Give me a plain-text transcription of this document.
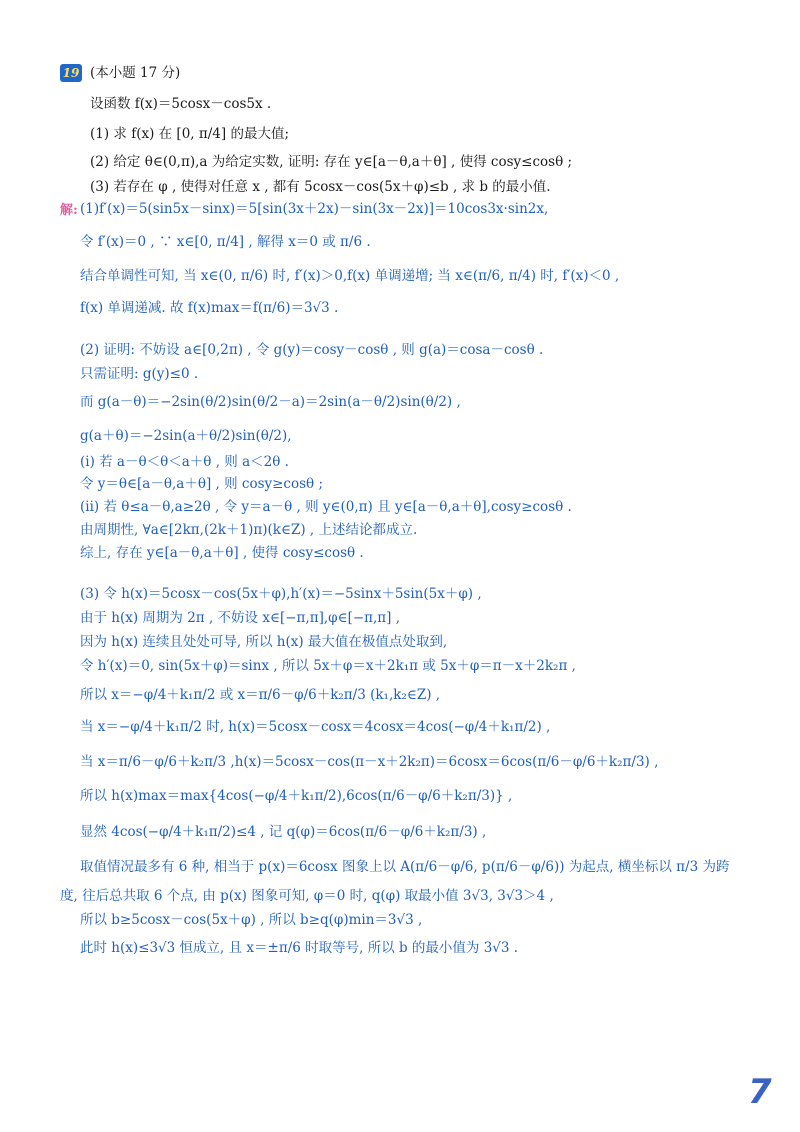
19 (本小题 17 分)
设函数 f(x)＝5cosx－cos5x .
(1) 求 f(x) 在 [0, π/4] 的最大值;
(2) 给定 θ∈(0,π),a 为给定实数, 证明: 存在 y∈[a－θ,a＋θ] , 使得 cosy≤cosθ ;
(3) 若存在 φ , 使得对任意 x , 都有 5cosx－cos(5x＋φ)≤b , 求 b 的最小值.
解: (1)f′(x)＝5(sin5x－sinx)＝5[sin(3x＋2x)－sin(3x－2x)]＝10cos3x·sin2x,
令 f′(x)＝0 , ∵ x∈[0, π/4] , 解得 x＝0 或 π/6 .
结合单调性可知, 当 x∈(0, π/6) 时, f′(x)＞0,f(x) 单调递增; 当 x∈(π/6, π/4) 时, f′(x)＜0 ,
f(x) 单调递减. 故 f(x)max＝f(π/6)＝3√3 .
(2) 证明: 不妨设 a∈[0,2π) , 令 g(y)＝cosy－cosθ , 则 g(a)＝cosa－cosθ .
只需证明: g(y)≤0 .
而 g(a－θ)＝−2sin(θ/2)sin(θ/2－a)＝2sin(a－θ/2)sin(θ/2) ,
g(a＋θ)＝−2sin(a＋θ/2)sin(θ/2),
(i) 若 a－θ＜θ＜a＋θ , 则 a＜2θ .
令 y＝θ∈[a－θ,a＋θ] , 则 cosy≥cosθ ;
(ii) 若 θ≤a－θ,a≥2θ , 令 y＝a－θ , 则 y∈(0,π) 且 y∈[a－θ,a＋θ],cosy≥cosθ .
由周期性, ∀a∈[2kπ,(2k＋1)π)(k∈Z) , 上述结论都成立.
综上, 存在 y∈[a－θ,a＋θ] , 使得 cosy≤cosθ .
(3) 令 h(x)＝5cosx－cos(5x＋φ),h′(x)＝−5sinx＋5sin(5x＋φ) ,
由于 h(x) 周期为 2π , 不妨设 x∈[−π,π],φ∈[−π,π] ,
因为 h(x) 连续且处处可导, 所以 h(x) 最大值在极值点处取到,
令 h′(x)＝0, sin(5x＋φ)＝sinx , 所以 5x＋φ＝x＋2k₁π 或 5x＋φ＝π－x＋2k₂π ,
所以 x＝−φ/4＋k₁π/2 或 x＝π/6－φ/6＋k₂π/3 (k₁,k₂∈Z) ,
当 x＝−φ/4＋k₁π/2 时, h(x)＝5cosx－cosx＝4cosx＝4cos(−φ/4＋k₁π/2) ,
当 x＝π/6－φ/6＋k₂π/3 ,h(x)＝5cosx－cos(π－x＋2k₂π)＝6cosx＝6cos(π/6－φ/6＋k₂π/3) ,
所以 h(x)max＝max{4cos(−φ/4＋k₁π/2),6cos(π/6－φ/6＋k₂π/3)} ,
显然 4cos(−φ/4＋k₁π/2)≤4 , 记 q(φ)＝6cos(π/6－φ/6＋k₂π/3) ,
取值情况最多有 6 种, 相当于 p(x)＝6cosx 图象上以 A(π/6－φ/6, p(π/6－φ/6)) 为起点, 横坐标以 π/3 为跨
度, 往后总共取 6 个点, 由 p(x) 图象可知, φ＝0 时, q(φ) 取最小值 3√3, 3√3＞4 ,
所以 b≥5cosx－cos(5x＋φ) , 所以 b≥q(φ)min＝3√3 ,
此时 h(x)≤3√3 恒成立, 且 x＝±π/6 时取等号, 所以 b 的最小值为 3√3 .
7
